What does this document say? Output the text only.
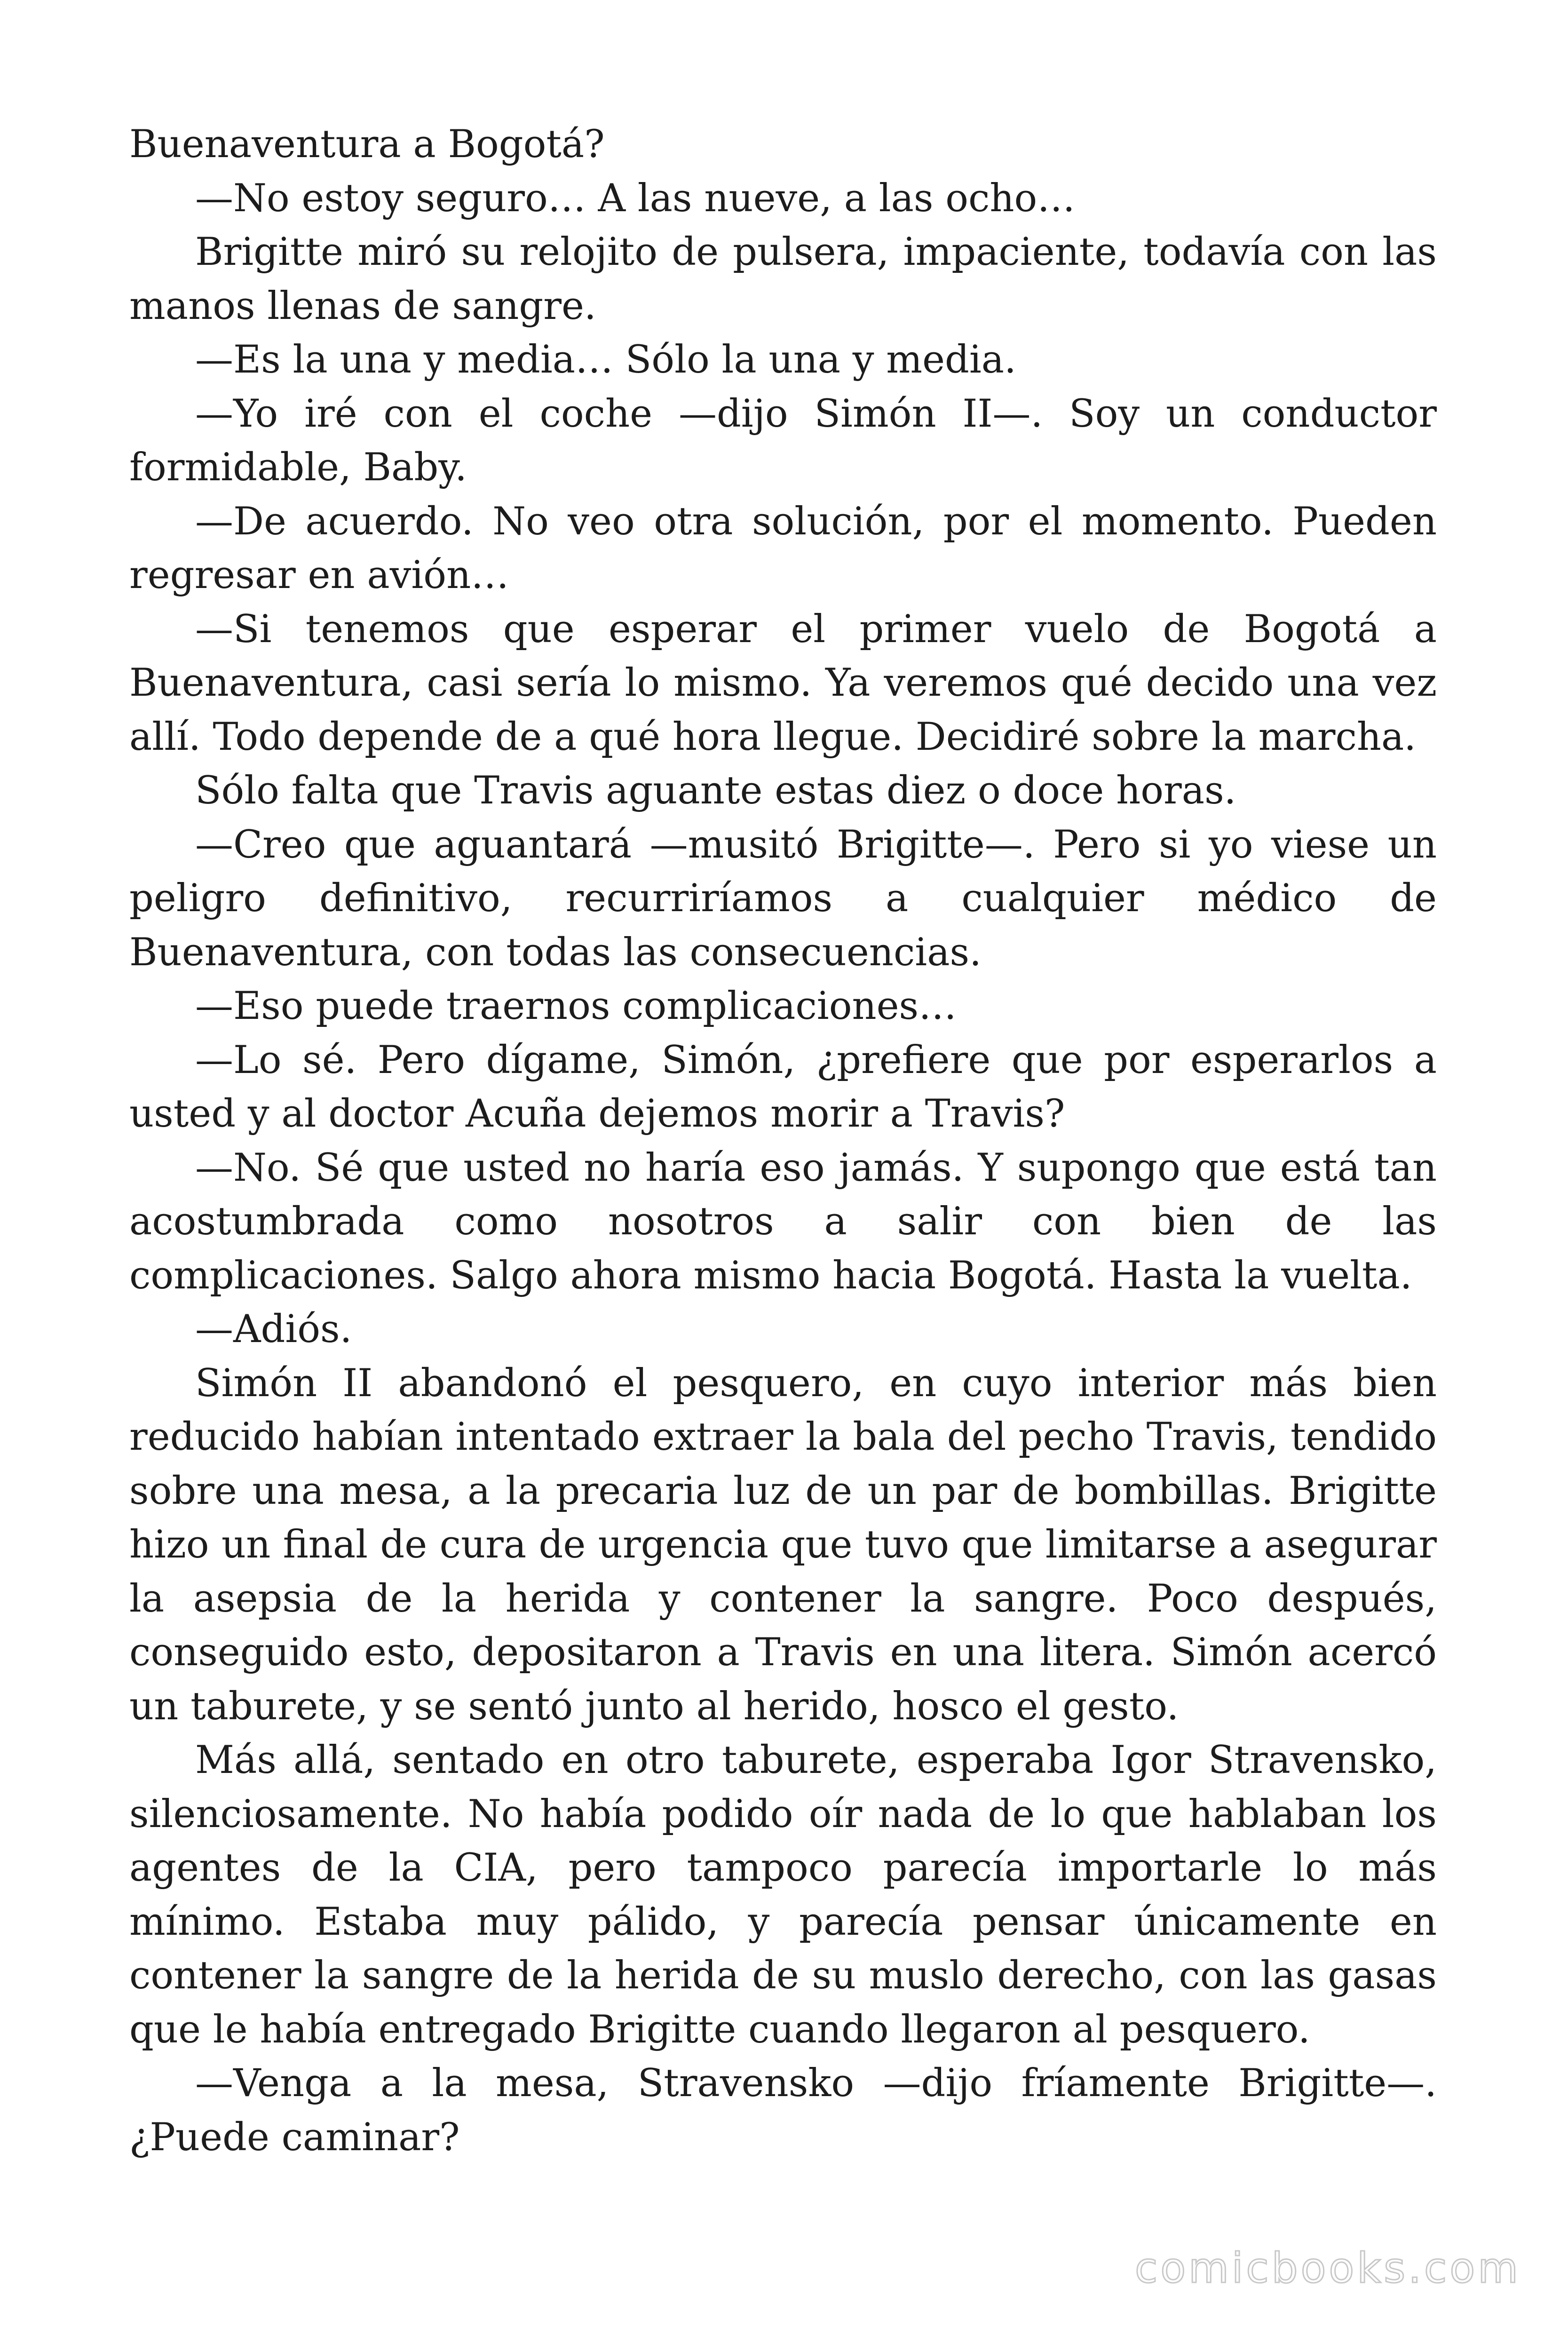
Buenaventura a Bogotá?

—No estoy seguro… A las nueve, a las ocho…

Brigitte miró su relojito de pulsera, impaciente, todavía con las manos llenas de sangre.

—Es la una y media… Sólo la una y media.

—Yo iré con el coche —dijo Simón II—. Soy un conductor formidable, Baby.

—De acuerdo. No veo otra solución, por el momento. Pueden regresar en avión…

—Si tenemos que esperar el primer vuelo de Bogotá a Buenaventura, casi sería lo mismo. Ya veremos qué decido una vez allí. Todo depende de a qué hora llegue. Decidiré sobre la marcha.

Sólo falta que Travis aguante estas diez o doce horas.

—Creo que aguantará —musitó Brigitte—. Pero si yo viese un peligro definitivo, recurriríamos a cualquier médico de Buenaventura, con todas las consecuencias.

—Eso puede traernos complicaciones…

—Lo sé. Pero dígame, Simón, ¿prefiere que por esperarlos a usted y al doctor Acuña dejemos morir a Travis?

—No. Sé que usted no haría eso jamás. Y supongo que está tan acostumbrada como nosotros a salir con bien de las complicaciones. Salgo ahora mismo hacia Bogotá. Hasta la vuelta.

—Adiós.

Simón II abandonó el pesquero, en cuyo interior más bien reducido habían intentado extraer la bala del pecho Travis, tendido sobre una mesa, a la precaria luz de un par de bombillas. Brigitte hizo un final de cura de urgencia que tuvo que limitarse a asegurar la asepsia de la herida y contener la sangre. Poco después, conseguido esto, depositaron a Travis en una litera. Simón acercó un taburete, y se sentó junto al herido, hosco el gesto.

Más allá, sentado en otro taburete, esperaba Igor Stravensko, silenciosamente. No había podido oír nada de lo que hablaban los agentes de la CIA, pero tampoco parecía importarle lo más mínimo. Estaba muy pálido, y parecía pensar únicamente en contener la sangre de la herida de su muslo derecho, con las gasas que le había entregado Brigitte cuando llegaron al pesquero.

—Venga a la mesa, Stravensko —dijo fríamente Brigitte—. ¿Puede caminar?

comicbooks.com
